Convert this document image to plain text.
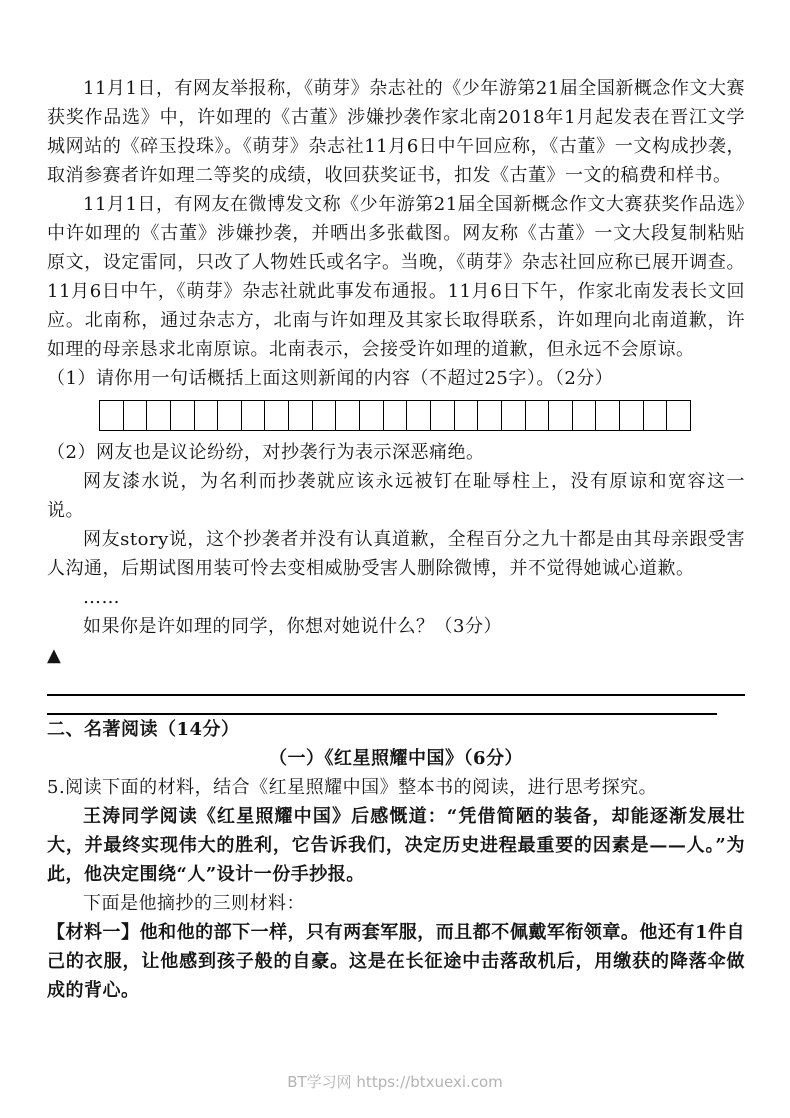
11月1日，有网友举报称，《萌芽》杂志社的《少年游第21届全国新概念作文大赛获奖作品选》中，许如理的《古董》涉嫌抄袭作家北南2018年1月起发表在晋江文学城网站的《碎玉投珠》。《萌芽》杂志社11月6日中午回应称，《古董》一文构成抄袭，取消参赛者许如理二等奖的成绩，收回获奖证书，扣发《古董》一文的稿费和样书。

11月1日，有网友在微博发文称《少年游第21届全国新概念作文大赛获奖作品选》中许如理的《古董》涉嫌抄袭，并晒出多张截图。网友称《古董》一文大段复制粘贴原文，设定雷同，只改了人物姓氏或名字。当晚，《萌芽》杂志社回应称已展开调查。11月6日中午，《萌芽》杂志社就此事发布通报。11月6日下午，作家北南发表长文回应。北南称，通过杂志方，北南与许如理及其家长取得联系，许如理向北南道歉，许如理的母亲恳求北南原谅。北南表示，会接受许如理的道歉，但永远不会原谅。

（1）请你用一句话概括上面这则新闻的内容（不超过25字）。（2分）

（2）网友也是议论纷纷，对抄袭行为表示深恶痛绝。

网友漆水说，为名利而抄袭就应该永远被钉在耻辱柱上，没有原谅和宽容这一说。

网友story说，这个抄袭者并没有认真道歉，全程百分之九十都是由其母亲跟受害人沟通，后期试图用装可怜去变相威胁受害人删除微博，并不觉得她诚心道歉。

……

如果你是许如理的同学，你想对她说什么？（3分）

▲

二、名著阅读（14分）

（一）《红星照耀中国》（6分）

5.阅读下面的材料，结合《红星照耀中国》整本书的阅读，进行思考探究。

王涛同学阅读《红星照耀中国》后感慨道：“凭借简陋的装备，却能逐渐发展壮大，并最终实现伟大的胜利，它告诉我们，决定历史进程最重要的因素是——人。”为此，他决定围绕“人”设计一份手抄报。

下面是他摘抄的三则材料：

【材料一】他和他的部下一样，只有两套军服，而且都不佩戴军衔领章。他还有1件自己的衣服，让他感到孩子般的自豪。这是在长征途中击落敌机后，用缴获的降落伞做成的背心。

BT学习网 https://btxuexi.com
